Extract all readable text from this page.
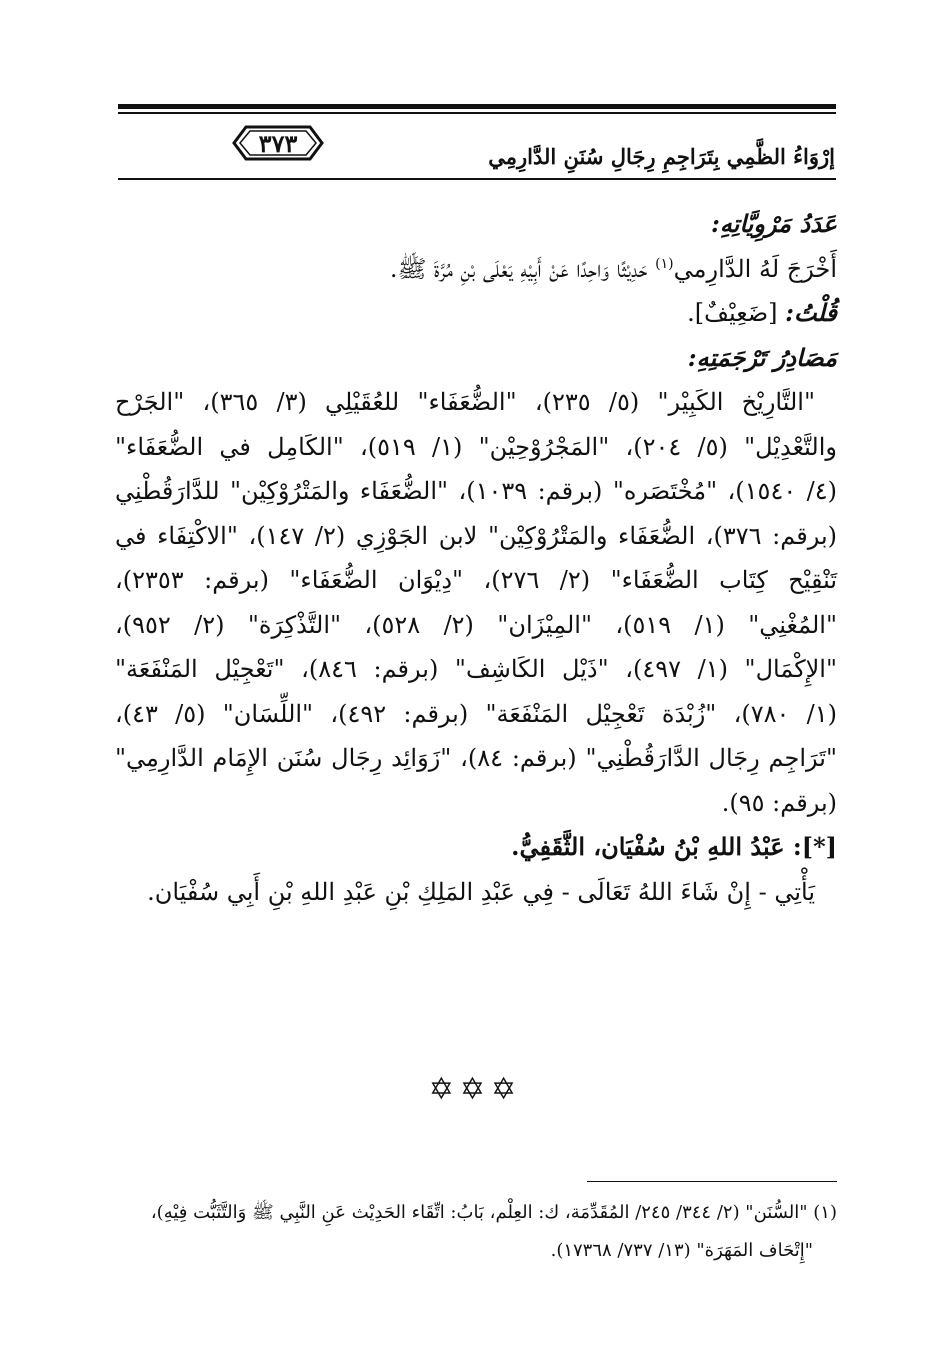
إرْوَاءُ الظَّمِي بِتَرَاجِمِ رِجَالِ سُنَنِ الدَّارِمِي
٣٧٣
عَدَدُ مَرْوِيَّاتِهِ:
أَخْرَجَ لَهُ الدَّارِمي$^{(١)}$ حَدِيْثًا وَاحِدًا عَنْ أَبِيْهِ يَعْلَى بْنِ مُرَّةَ ﷺ.
قُلْتُ: [ضَعِيْفٌ].
مَصَادِرُ تَرْجَمَتِهِ:
"التَّارِيْخ الكَبِيْر" (٥/ ٢٣٥)، "الضُّعَفَاء" للعُقَيْلِي (٣/ ٣٦٥)، "الجَرْح
والتَّعْدِيْل" (٥/ ٢٠٤)، "المَجْرُوْحِيْن" (١/ ٥١٩)، "الكَامِل في الضُّعَفَاء"
(٤/ ١٥٤٠)، "مُخْتَصَره" (برقم: ١٠٣٩)، "الضُّعَفَاء والمَتْرُوْكِيْن" للدَّارَقُطْنِي
(برقم: ٣٧٦)، الضُّعَفَاء والمَتْرُوْكِيْن" لابن الجَوْزِي (٢/ ١٤٧)، "الاكْتِفَاء في
تَنْقِيْح كِتَاب الضُّعَفَاء" (٢/ ٢٧٦)، "دِيْوَان الضُّعَفَاء" (برقم: ٢٣٥٣)،
"المُغْنِي" (١/ ٥١٩)، "المِيْزَان" (٢/ ٥٢٨)، "التَّذْكِرَة" (٢/ ٩٥٢)،
"الإِكْمَال" (١/ ٤٩٧)، "ذَيْل الكَاشِف" (برقم: ٨٤٦)، "تَعْجِيْل المَنْفَعَة"
(١/ ٧٨٠)، "زُبْدَة تَعْجِيْل المَنْفَعَة" (برقم: ٤٩٢)، "اللِّسَان" (٥/ ٤٣)،
"تَرَاجِم رِجَال الدَّارَقُطْنِي" (برقم: ٨٤)، "زَوَائِد رِجَال سُنَن الإِمَام الدَّارِمِي"
(برقم: ٩٥).
[*]: عَبْدُ اللهِ بْنُ سُفْيَان، الثَّقَفِيُّ.
يَأْتِي - إِنْ شَاءَ اللهُ تَعَالَى - فِي عَبْدِ المَلِكِ بْنِ عَبْدِ اللهِ بْنِ أَبِي سُفْيَان.
✡✡✡
(١) "السُّنَن" (٢/ ٣٤٤/ ٢٤٥/ المُقَدِّمَة، ك: العِلْم، بَابُ: اتِّقَاء الحَدِيْث عَنِ النَّبِي ﷺ وَالتَّثَبُّت فِيْهِ)،
"إِتْحَاف المَهَرَة" (١٣/ ٧٣٧/ ١٧٣٦٨).
